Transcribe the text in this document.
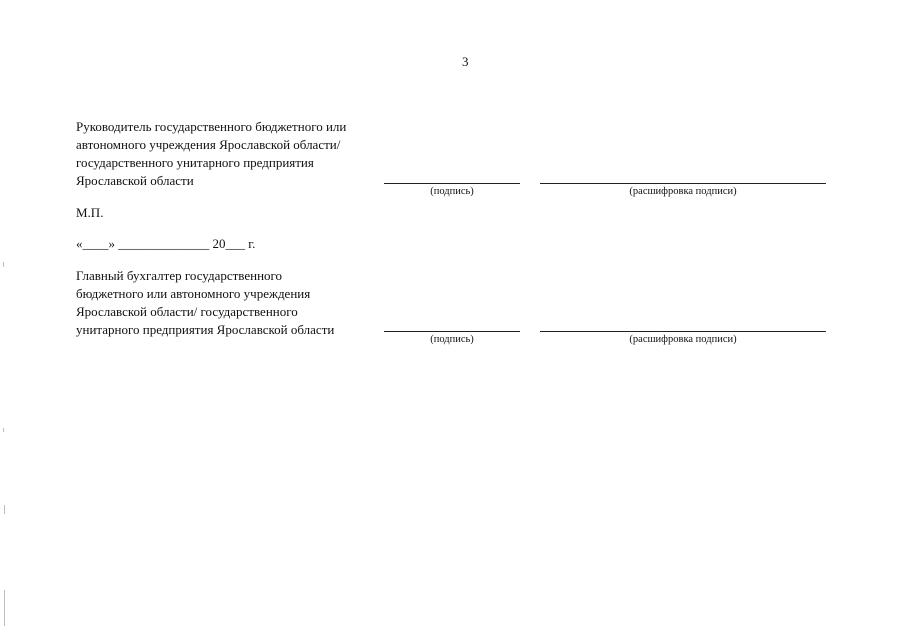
3
Руководитель государственного бюджетного или
автономного учреждения Ярославской области/
государственного унитарного предприятия
Ярославской области
(подпись)	(расшифровка подписи)
М.П.
«____» ______________ 20___ г.
Главный бухгалтер государственного
бюджетного или автономного учреждения
Ярославской области/ государственного
унитарного предприятия Ярославской области
(подпись)	(расшифровка подписи)
